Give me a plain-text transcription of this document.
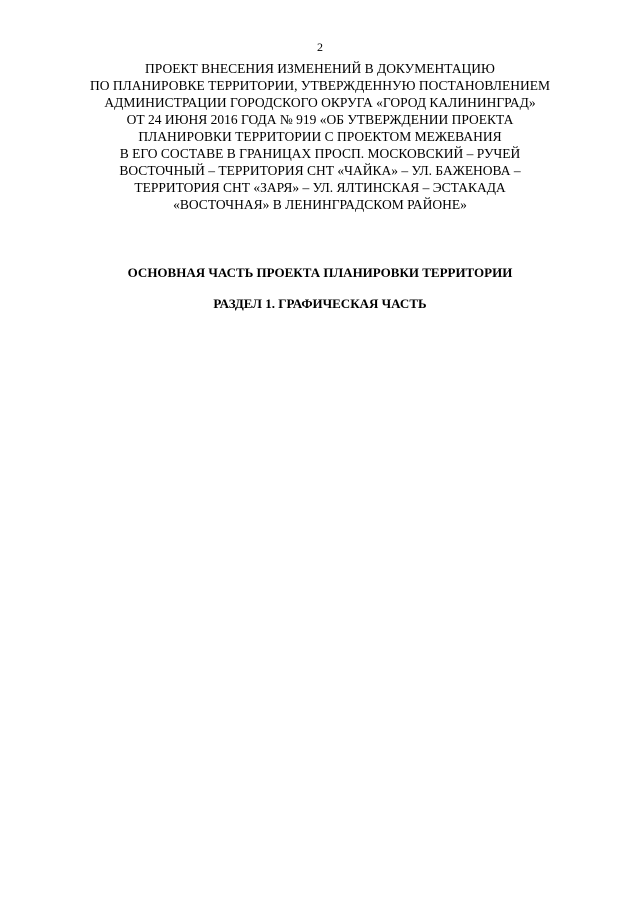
2
ПРОЕКТ ВНЕСЕНИЯ ИЗМЕНЕНИЙ В ДОКУМЕНТАЦИЮ
ПО ПЛАНИРОВКЕ ТЕРРИТОРИИ, УТВЕРЖДЕННУЮ ПОСТАНОВЛЕНИЕМ
АДМИНИСТРАЦИИ ГОРОДСКОГО ОКРУГА «ГОРОД КАЛИНИНГРАД»
ОТ 24 ИЮНЯ 2016 ГОДА № 919 «ОБ УТВЕРЖДЕНИИ ПРОЕКТА
ПЛАНИРОВКИ ТЕРРИТОРИИ С ПРОЕКТОМ МЕЖЕВАНИЯ
В ЕГО СОСТАВЕ В ГРАНИЦАХ ПРОСП. МОСКОВСКИЙ – РУЧЕЙ
ВОСТОЧНЫЙ – ТЕРРИТОРИЯ СНТ «ЧАЙКА» – УЛ. БАЖЕНОВА –
ТЕРРИТОРИЯ СНТ «ЗАРЯ» – УЛ. ЯЛТИНСКАЯ – ЭСТАКАДА
«ВОСТОЧНАЯ» В ЛЕНИНГРАДСКОМ РАЙОНЕ»
ОСНОВНАЯ ЧАСТЬ ПРОЕКТА ПЛАНИРОВКИ ТЕРРИТОРИИ
РАЗДЕЛ 1. ГРАФИЧЕСКАЯ ЧАСТЬ
